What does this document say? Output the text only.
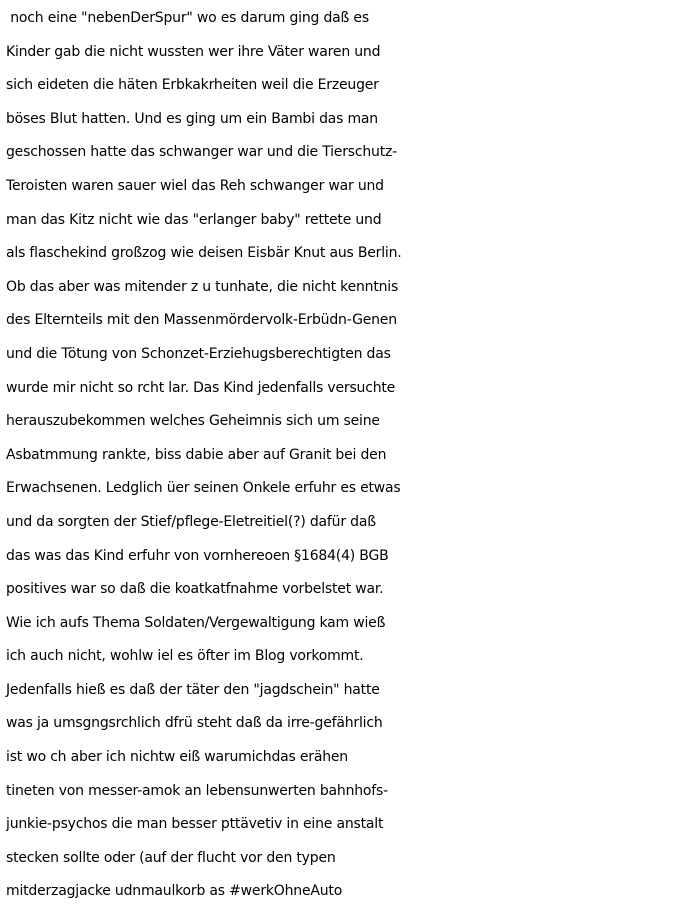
noch eine "nebenDerSpur" wo es darum ging daß es
Kinder gab die nicht wussten wer ihre Väter waren und
sich eideten die häten Erbkakrheiten weil die Erzeuger
böses Blut hatten. Und es ging um ein Bambi das man
geschossen hatte das schwanger war und die Tierschutz-
Teroisten waren sauer wiel das Reh schwanger war und
man das Kitz nicht wie das "erlanger baby" rettete und
als flaschekind großzog wie deisen Eisbär Knut aus Berlin.
Ob das aber was mitender z u tunhate, die nicht kenntnis
des Elternteils mit den Massenmördervolk-Erbüdn-Genen
und die Tötung von Schonzet-Erziehugsberechtigten das
wurde mir nicht so rcht lar. Das Kind jedenfalls versuchte
herauszubekommen welches Geheimnis sich um seine
Asbatmmung rankte, biss dabie aber auf Granit bei den
Erwachsenen. Ledglich üer seinen Onkele erfuhr es etwas
und da sorgten der Stief/pflege-Eletreitiel(?) dafür daß
das was das Kind erfuhr von vornhereoen §1684(4) BGB
positives war so daß die koatkatfnahme vorbelstet war.
Wie ich aufs Thema Soldaten/Vergewaltigung kam wieß
ich auch nicht, wohlw iel es öfter im Blog vorkommt.
Jedenfalls hieß es daß der täter den "jagdschein" hatte
was ja umsgngsrchlich dfrü steht daß da irre-gefährlich
ist wo ch aber ich nichtw eiß warumichdas erähen
tineten von messer-amok an lebensunwerten bahnhofs-
junkie-psychos die man besser pttävetiv in eine anstalt
stecken sollte oder (auf der flucht vor den typen
mitderzagjacke udnmaulkorb as #werkOhneAuto
